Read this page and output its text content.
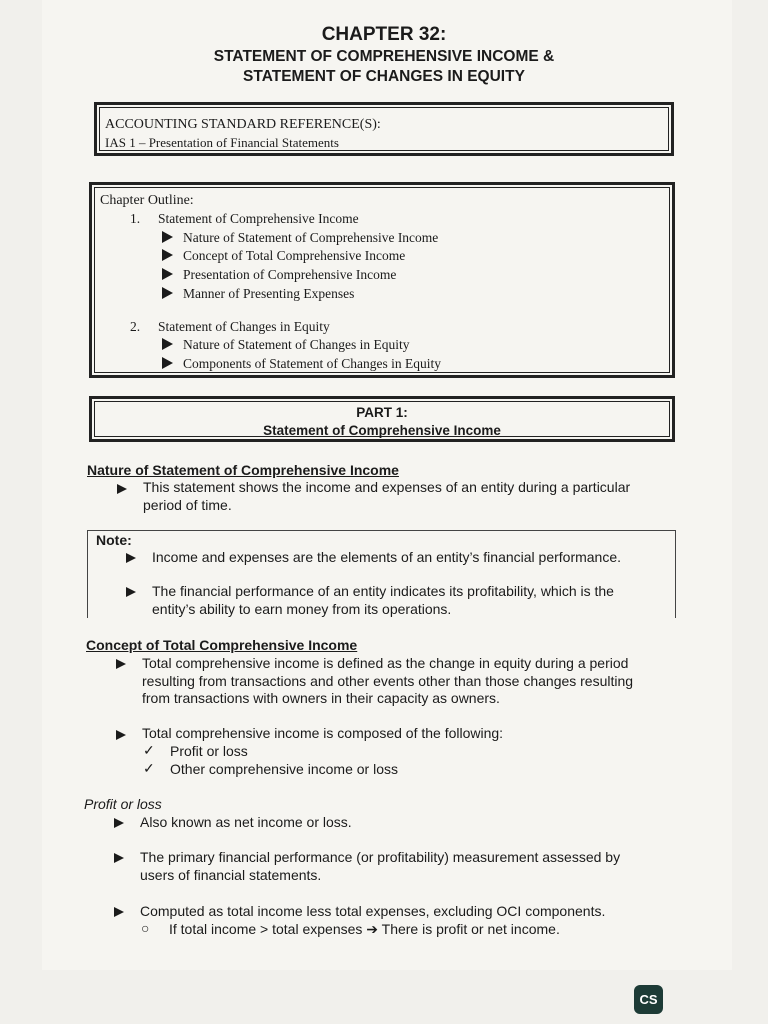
CHAPTER 32:
STATEMENT OF COMPREHENSIVE INCOME &
STATEMENT OF CHANGES IN EQUITY
ACCOUNTING STANDARD REFERENCE(S):
IAS 1 – Presentation of Financial Statements
Chapter Outline:
1. Statement of Comprehensive Income
Nature of Statement of Comprehensive Income
Concept of Total Comprehensive Income
Presentation of Comprehensive Income
Manner of Presenting Expenses
2. Statement of Changes in Equity
Nature of Statement of Changes in Equity
Components of Statement of Changes in Equity
PART 1:
Statement of Comprehensive Income
Nature of Statement of Comprehensive Income
This statement shows the income and expenses of an entity during a particular
period of time.
Note:
Income and expenses are the elements of an entity’s financial performance.
The financial performance of an entity indicates its profitability, which is the
entity’s ability to earn money from its operations.
Concept of Total Comprehensive Income
Total comprehensive income is defined as the change in equity during a period
resulting from transactions and other events other than those changes resulting
from transactions with owners in their capacity as owners.
Total comprehensive income is composed of the following:
✓ Profit or loss
✓ Other comprehensive income or loss
Profit or loss
Also known as net income or loss.
The primary financial performance (or profitability) measurement assessed by
users of financial statements.
Computed as total income less total expenses, excluding OCI components.
○ If total income > total expenses ➔ There is profit or net income.
CS
